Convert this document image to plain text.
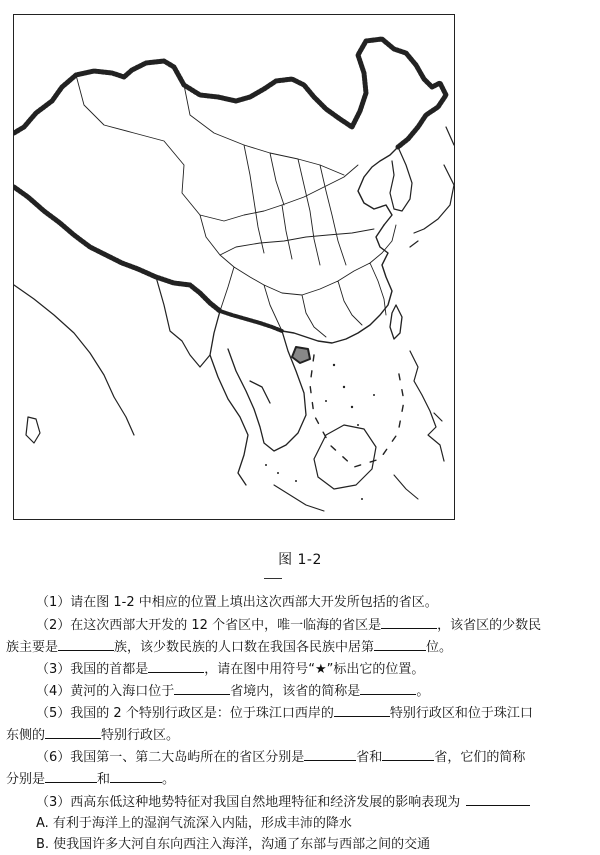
图 1-2
（1）请在图 1-2 中相应的位置上填出这次西部大开发所包括的省区。
（2）在这次西部大开发的 12 个省区中，唯一临海的省区是	，该省区的少数民
族主要是	族，该少数民族的人口数在我国各民族中居第	位。
（3）我国的首都是	，请在图中用符号“★”标出它的位置。
（4）黄河的入海口位于	省境内，该省的简称是	。
（5）我国的 2 个特别行政区是：位于珠江口西岸的	特别行政区和位于珠江口
东侧的	特别行政区。
（6）我国第一、第二大岛屿所在的省区分别是	省和	省，它们的简称
分别是	和	。
（3）西高东低这种地势特征对我国自然地理特征和经济发展的影响表现为
A. 有利于海洋上的湿润气流深入内陆，形成丰沛的降水
B. 使我国许多大河自东向西注入海洋，沟通了东部与西部之间的交通
